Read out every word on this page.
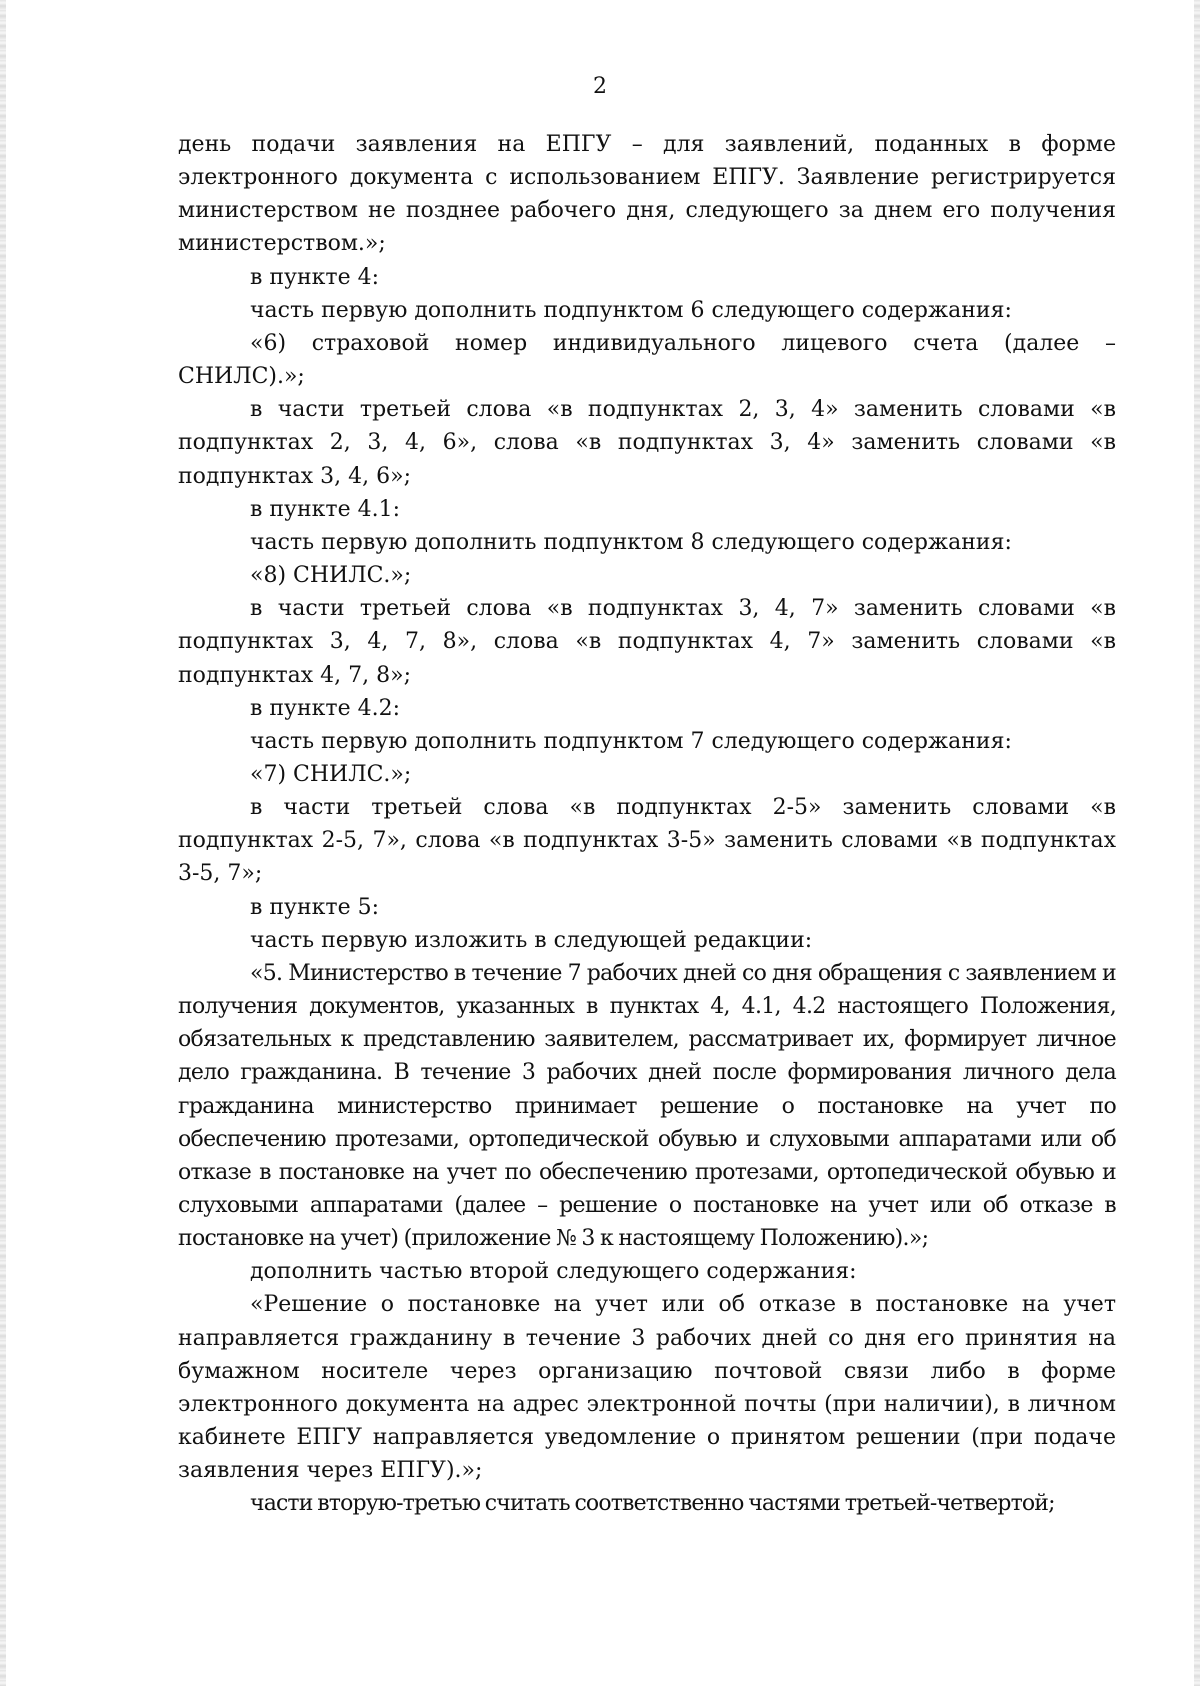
2

день подачи заявления на ЕПГУ – для заявлений, поданных в форме электронного документа с использованием ЕПГУ. Заявление регистрируется министерством не позднее рабочего дня, следующего за днем его получения министерством.»;

в пункте 4:

часть первую дополнить подпунктом 6 следующего содержания:

«6) страховой номер индивидуального лицевого счета (далее – СНИЛС).»;

в части третьей слова «в подпунктах 2, 3, 4» заменить словами «в подпунктах 2, 3, 4, 6», слова «в подпунктах 3, 4» заменить словами «в подпунктах 3, 4, 6»;

в пункте 4.1:

часть первую дополнить подпунктом 8 следующего содержания:

«8) СНИЛС.»;

в части третьей слова «в подпунктах 3, 4, 7» заменить словами «в подпунктах 3, 4, 7, 8», слова «в подпунктах 4, 7» заменить словами «в подпунктах 4, 7, 8»;

в пункте 4.2:

часть первую дополнить подпунктом 7 следующего содержания:

«7) СНИЛС.»;

в части третьей слова «в подпунктах 2-5» заменить словами «в подпунктах 2-5, 7», слова «в подпунктах 3-5» заменить словами «в подпунктах 3-5, 7»;

в пункте 5:

часть первую изложить в следующей редакции:

«5. Министерство в течение 7 рабочих дней со дня обращения с заявлением и получения документов, указанных в пунктах 4, 4.1, 4.2 настоящего Положения, обязательных к представлению заявителем, рассматривает их, формирует личное дело гражданина. В течение 3 рабочих дней после формирования личного дела гражданина министерство принимает решение о постановке на учет по обеспечению протезами, ортопедической обувью и слуховыми аппаратами или об отказе в постановке на учет по обеспечению протезами, ортопедической обувью и слуховыми аппаратами (далее – решение о постановке на учет или об отказе в постановке на учет) (приложение № 3 к настоящему Положению).»;

дополнить частью второй следующего содержания:

«Решение о постановке на учет или об отказе в постановке на учет направляется гражданину в течение 3 рабочих дней со дня его принятия на бумажном носителе через организацию почтовой связи либо в форме электронного документа на адрес электронной почты (при наличии), в личном кабинете ЕПГУ направляется уведомление о принятом решении (при подаче заявления через ЕПГУ).»;

части вторую-третью считать соответственно частями третьей-четвертой;
